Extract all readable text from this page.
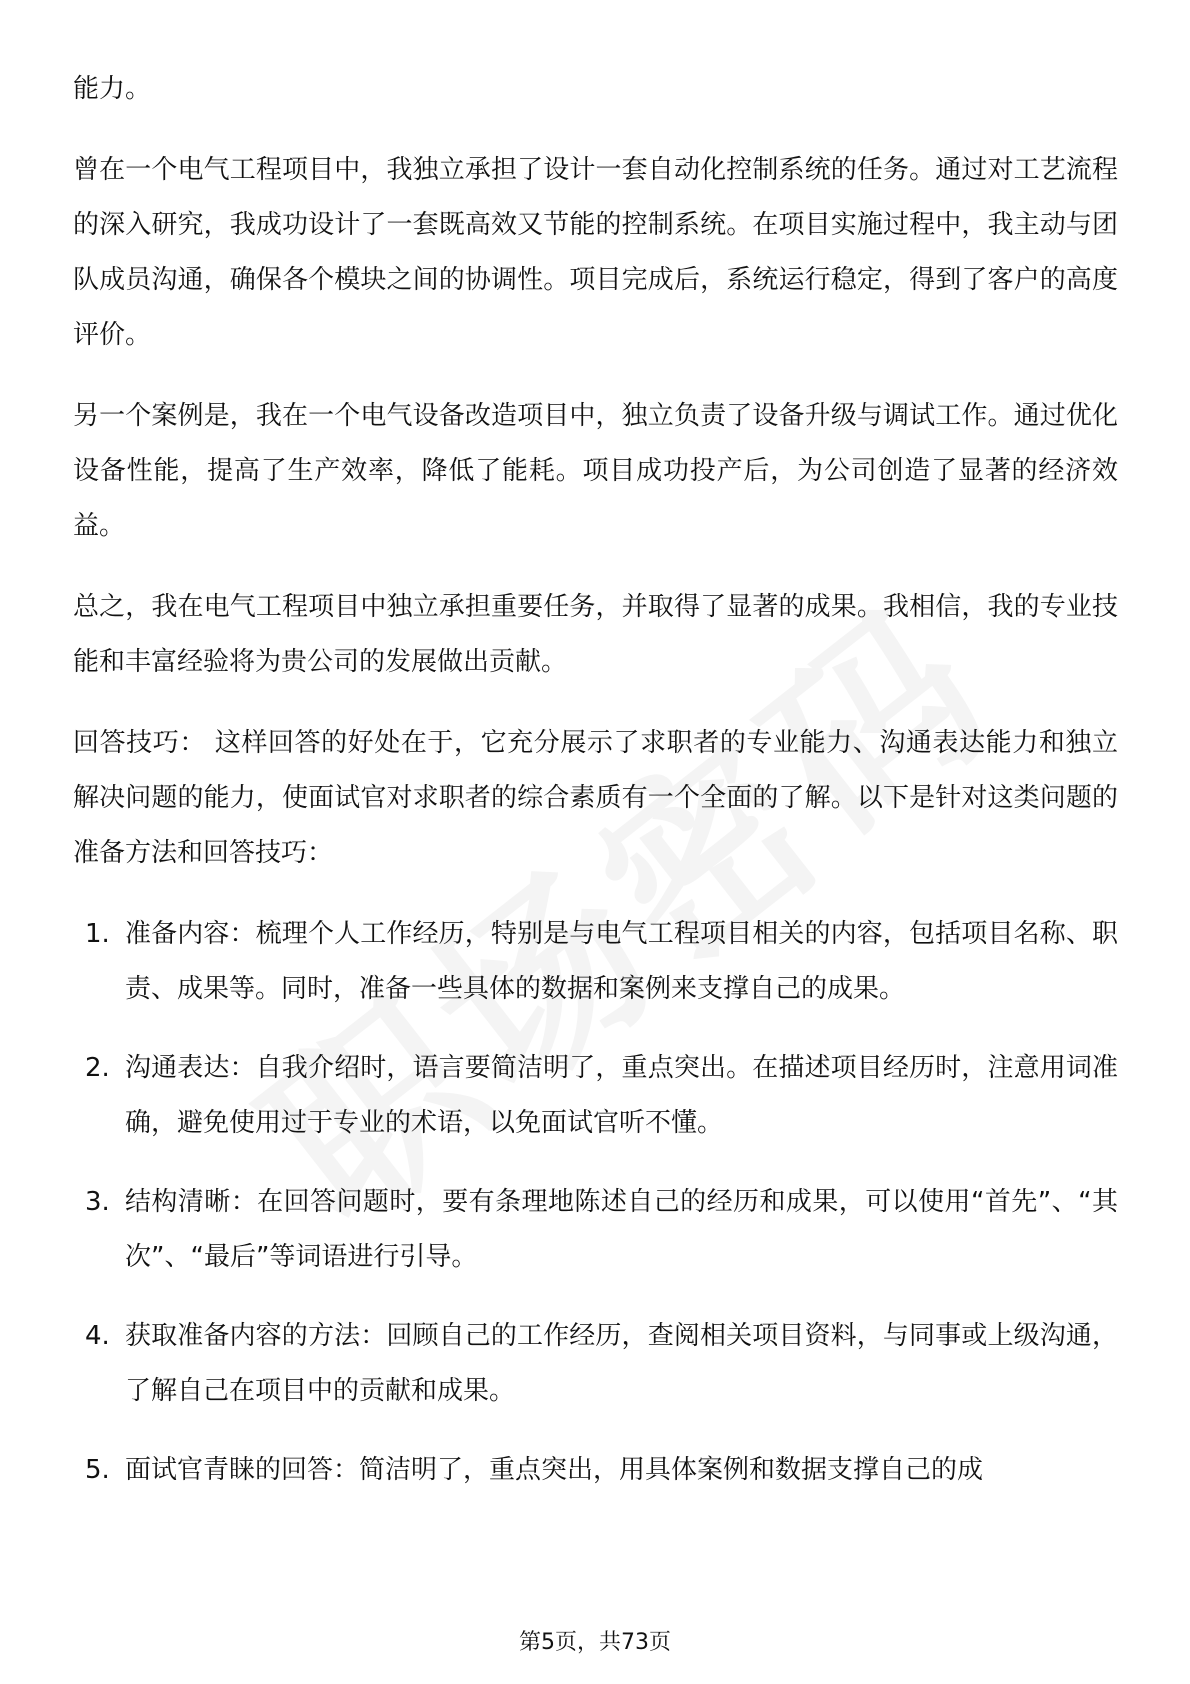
能力。

曾在一个电气工程项目中，我独立承担了设计一套自动化控制系统的任务。通过对工艺流程的深入研究，我成功设计了一套既高效又节能的控制系统。在项目实施过程中，我主动与团队成员沟通，确保各个模块之间的协调性。项目完成后，系统运行稳定，得到了客户的高度评价。

另一个案例是，我在一个电气设备改造项目中，独立负责了设备升级与调试工作。通过优化设备性能，提高了生产效率，降低了能耗。项目成功投产后，为公司创造了显著的经济效益。

总之，我在电气工程项目中独立承担重要任务，并取得了显著的成果。我相信，我的专业技能和丰富经验将为贵公司的发展做出贡献。

回答技巧： 这样回答的好处在于，它充分展示了求职者的专业能力、沟通表达能力和独立解决问题的能力，使面试官对求职者的综合素质有一个全面的了解。以下是针对这类问题的准备方法和回答技巧：

1. 准备内容：梳理个人工作经历，特别是与电气工程项目相关的内容，包括项目名称、职责、成果等。同时，准备一些具体的数据和案例来支撑自己的成果。
2. 沟通表达：自我介绍时，语言要简洁明了，重点突出。在描述项目经历时，注意用词准确，避免使用过于专业的术语，以免面试官听不懂。
3. 结构清晰：在回答问题时，要有条理地陈述自己的经历和成果，可以使用“首先”、“其次”、“最后”等词语进行引导。
4. 获取准备内容的方法：回顾自己的工作经历，查阅相关项目资料，与同事或上级沟通，了解自己在项目中的贡献和成果。
5. 面试官青睐的回答：简洁明了，重点突出，用具体案例和数据支撑自己的成
第5页，共73页
